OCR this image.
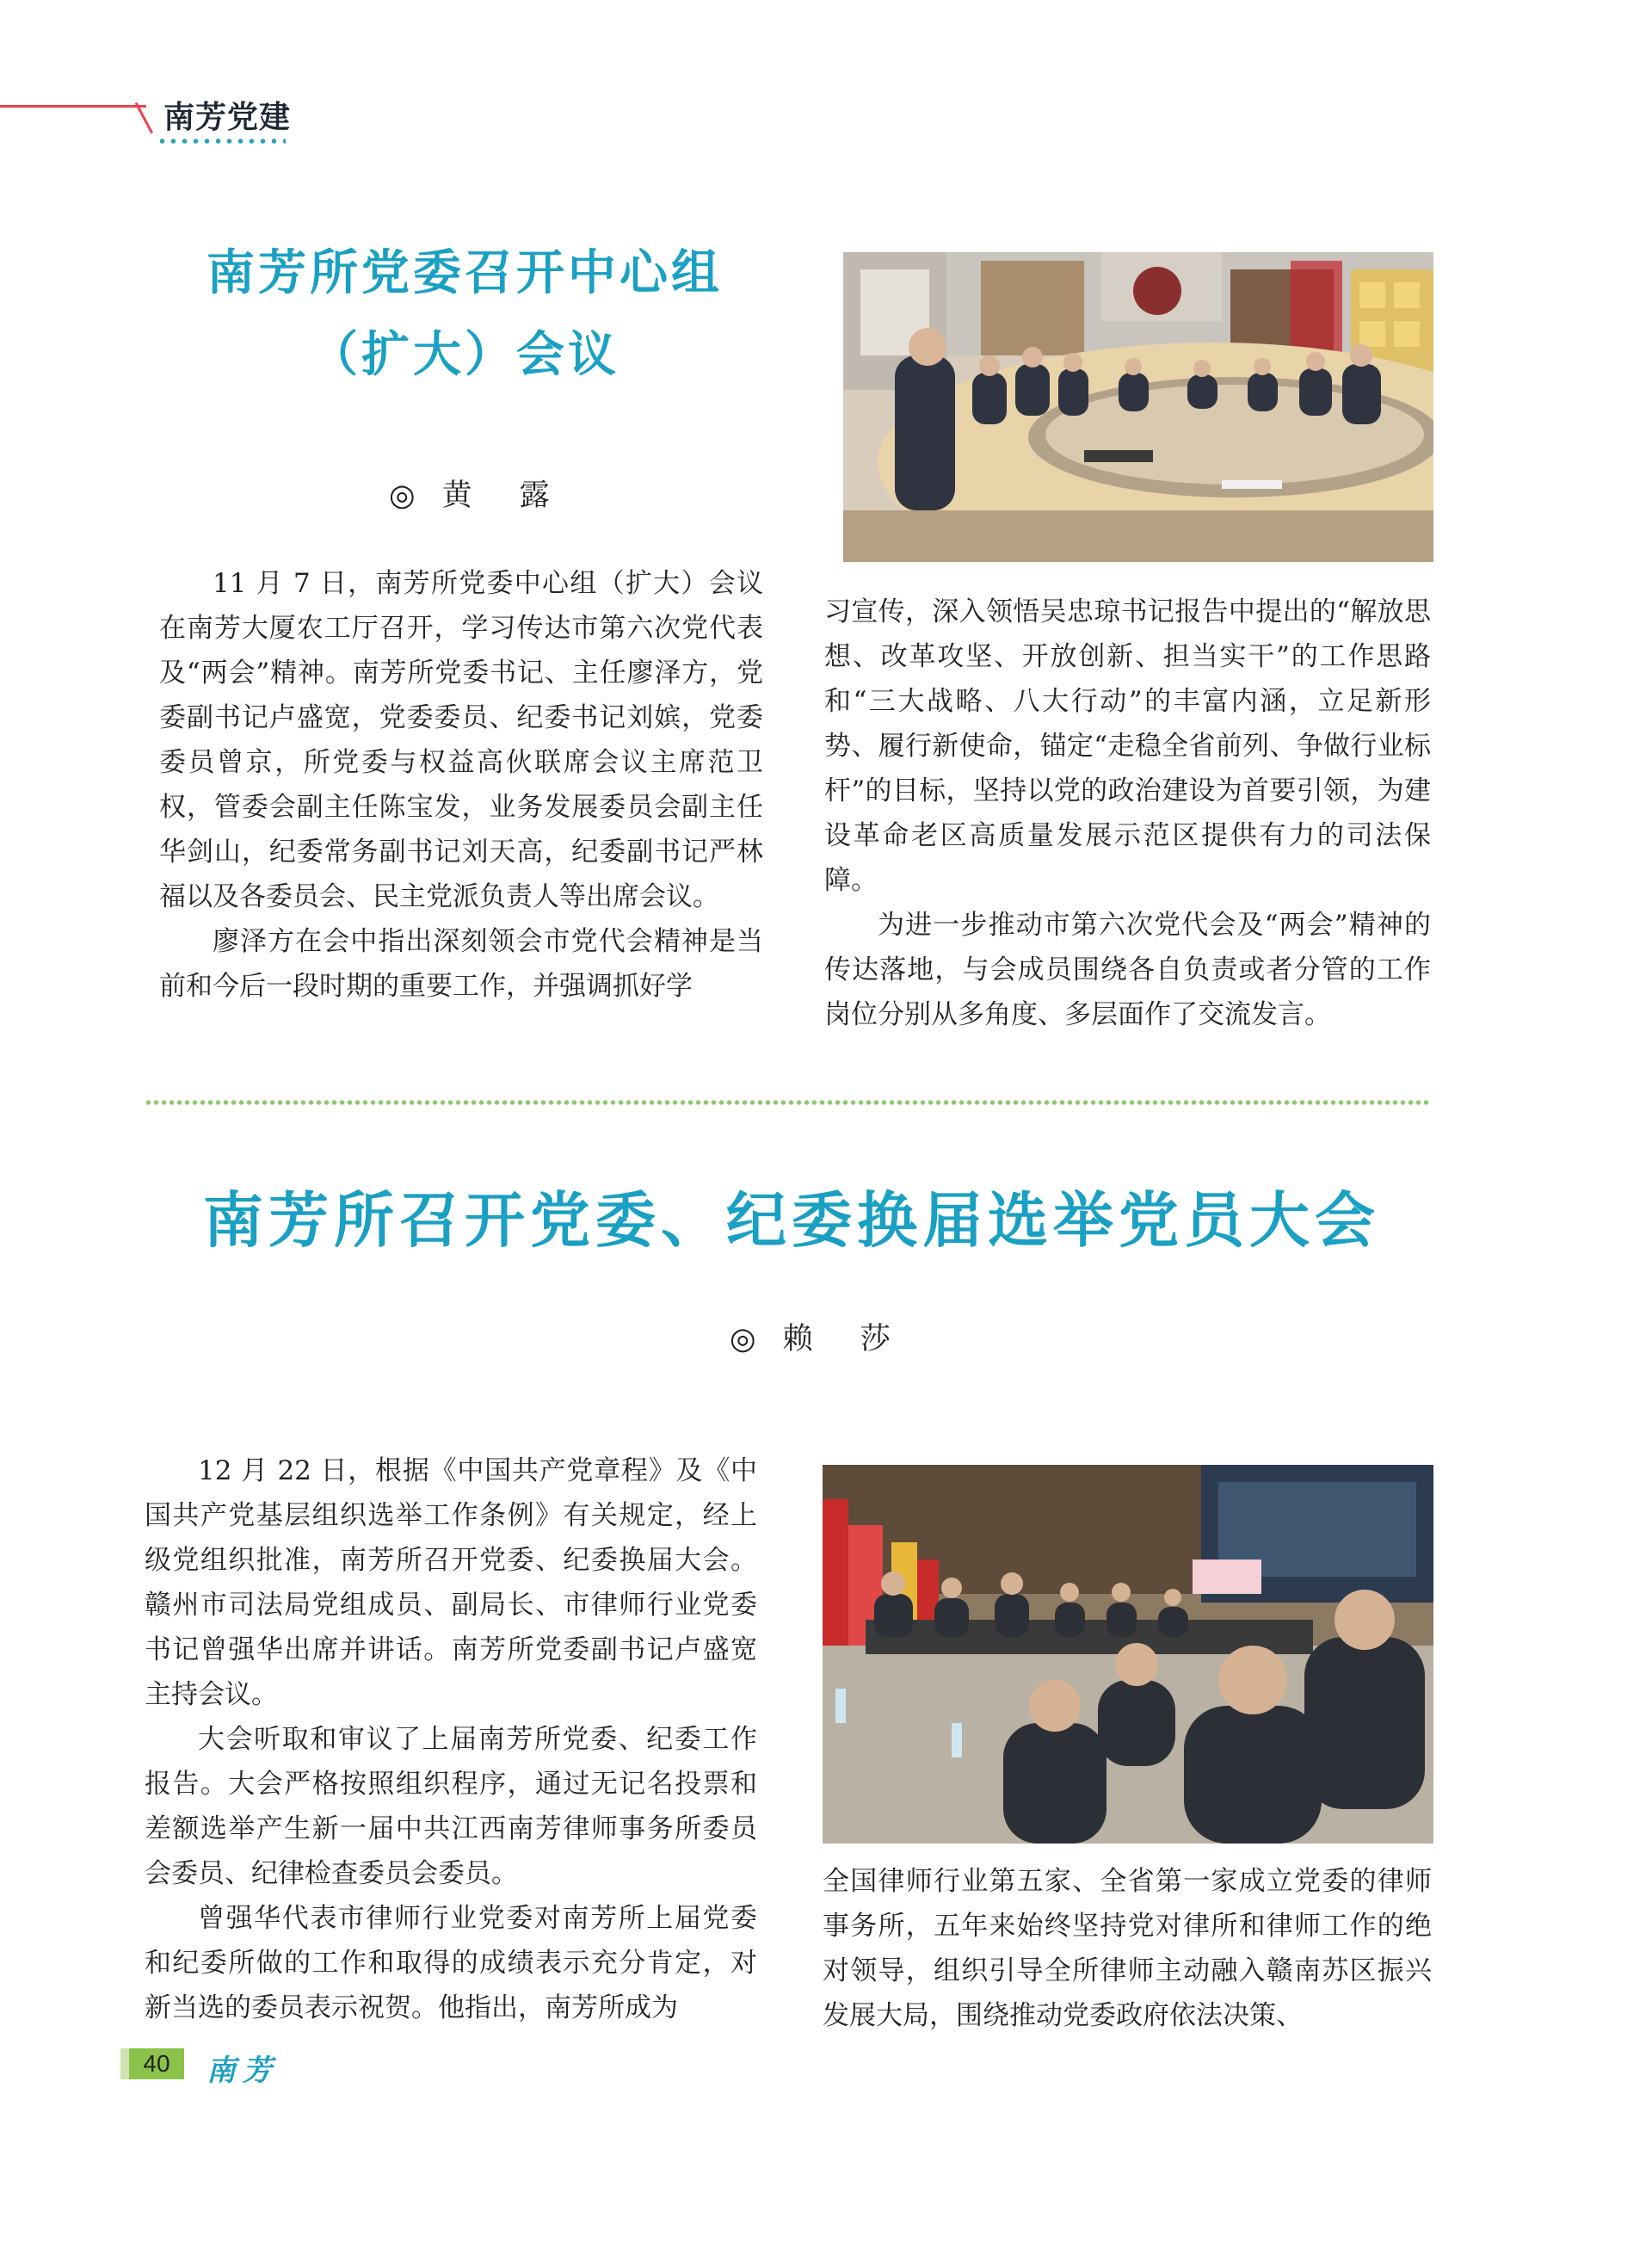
南芳党建
南芳所党委召开中心组
（扩大）会议
◎ 黄　露

11 月 7 日，南芳所党委中心组（扩大）会议在南芳大厦农工厅召开，学习传达市第六次党代表及“两会”精神。南芳所党委书记、主任廖泽方，党委副书记卢盛宽，党委委员、纪委书记刘嫔，党委委员曾京，所党委与权益高伙联席会议主席范卫权，管委会副主任陈宝发，业务发展委员会副主任华剑山，纪委常务副书记刘天高，纪委副书记严林福以及各委员会、民主党派负责人等出席会议。

廖泽方在会中指出深刻领会市党代会精神是当前和今后一段时期的重要工作，并强调抓好学

习宣传，深入领悟吴忠琼书记报告中提出的“解放思想、改革攻坚、开放创新、担当实干”的工作思路和“三大战略、八大行动”的丰富内涵，立足新形势、履行新使命，锚定“走稳全省前列、争做行业标杆”的目标，坚持以党的政治建设为首要引领，为建设革命老区高质量发展示范区提供有力的司法保障。

为进一步推动市第六次党代会及“两会”精神的传达落地，与会成员围绕各自负责或者分管的工作岗位分别从多角度、多层面作了交流发言。

南芳所召开党委、纪委换届选举党员大会
◎ 赖　莎

12 月 22 日，根据《中国共产党章程》及《中国共产党基层组织选举工作条例》有关规定，经上级党组织批准，南芳所召开党委、纪委换届大会。赣州市司法局党组成员、副局长、市律师行业党委书记曾强华出席并讲话。南芳所党委副书记卢盛宽主持会议。

大会听取和审议了上届南芳所党委、纪委工作报告。大会严格按照组织程序，通过无记名投票和差额选举产生新一届中共江西南芳律师事务所委员会委员、纪律检查委员会委员。

曾强华代表市律师行业党委对南芳所上届党委和纪委所做的工作和取得的成绩表示充分肯定，对新当选的委员表示祝贺。他指出，南芳所成为

全国律师行业第五家、全省第一家成立党委的律师事务所，五年来始终坚持党对律所和律师工作的绝对领导，组织引导全所律师主动融入赣南苏区振兴发展大局，围绕推动党委政府依法决策、

40	南芳
